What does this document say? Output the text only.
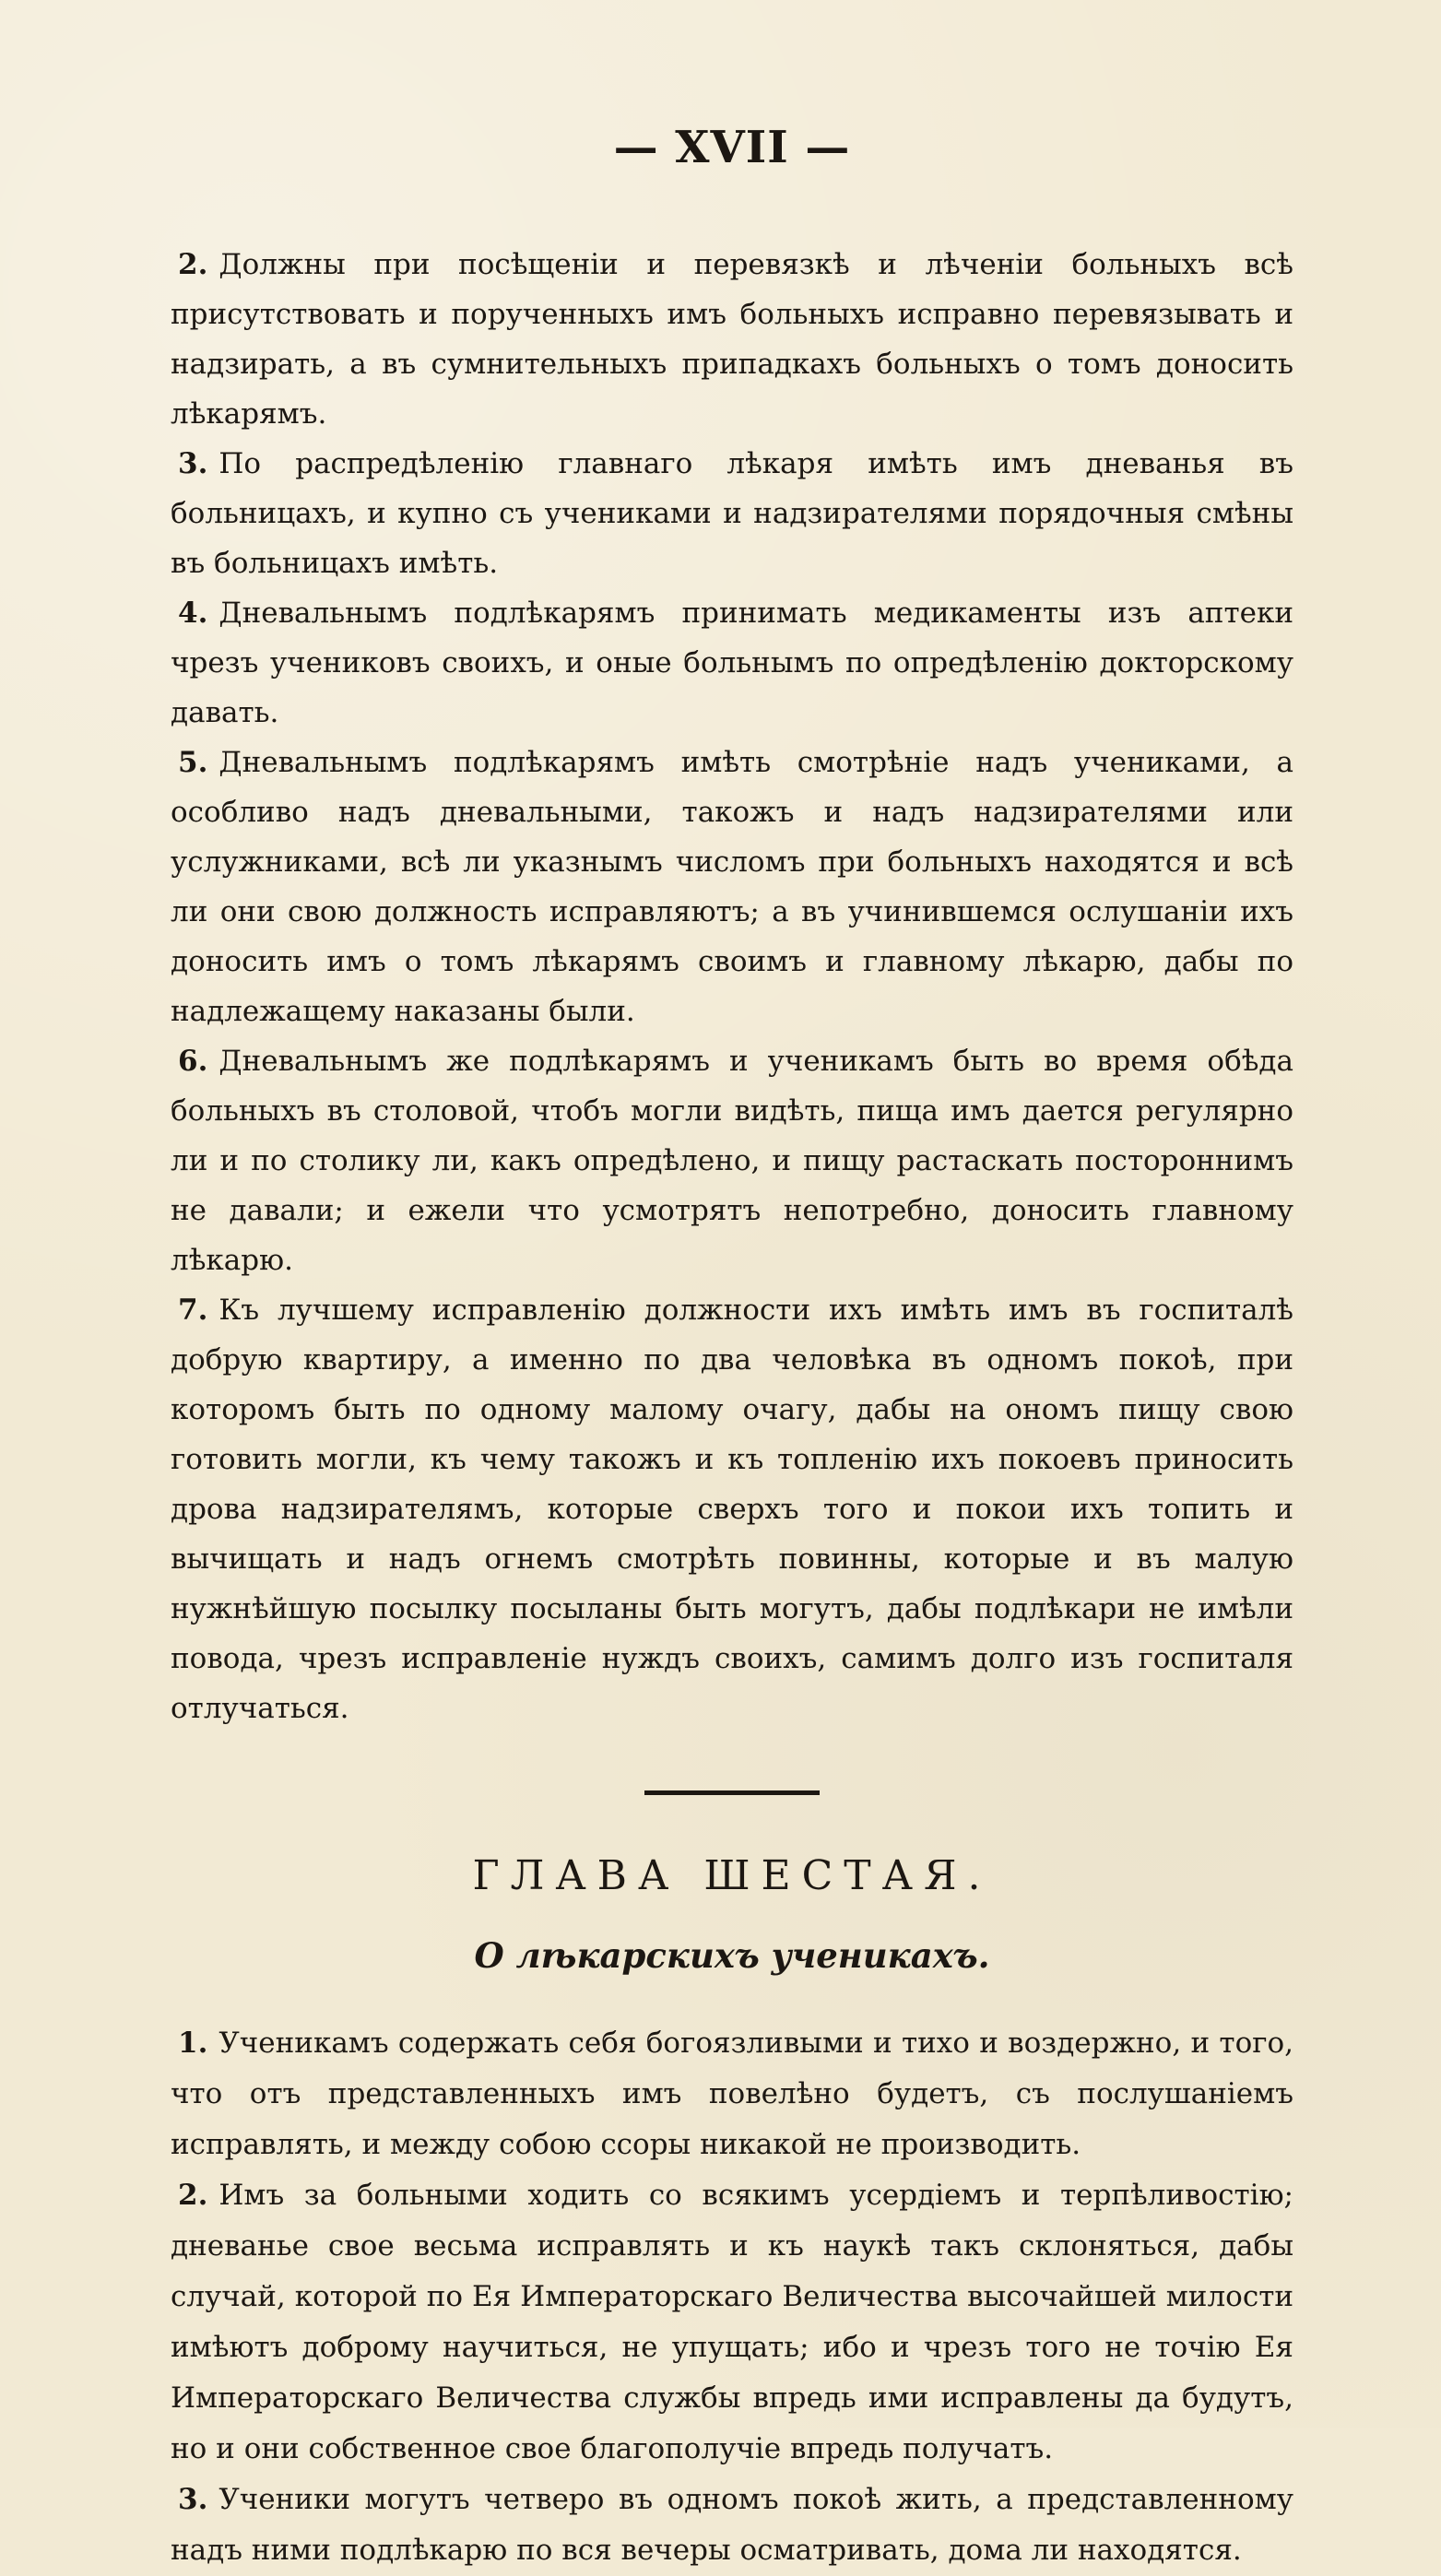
— XVII —

2. Должны при посѣщеніи и перевязкѣ и лѣченіи больныхъ всѣ присутствовать и порученныхъ имъ больныхъ исправно перевязывать и надзирать, а въ сумнительныхъ припадкахъ больныхъ о томъ доносить лѣкарямъ.

3. По распредѣленію главнаго лѣкаря имѣть имъ дневанья въ больницахъ, и купно съ учениками и надзирателями порядочныя смѣны въ больницахъ имѣть.

4. Дневальнымъ подлѣкарямъ принимать медикаменты изъ аптеки чрезъ учениковъ своихъ, и оные больнымъ по опредѣленію докторскому давать.

5. Дневальнымъ подлѣкарямъ имѣть смотрѣніе надъ учениками, а особливо надъ дневальными, такожъ и надъ надзирателями или услужниками, всѣ ли указнымъ числомъ при больныхъ находятся и всѣ ли они свою должность исправляютъ; а въ учинившемся ослушаніи ихъ доносить имъ о томъ лѣкарямъ своимъ и главному лѣкарю, дабы по надлежащему наказаны были.

6. Дневальнымъ же подлѣкарямъ и ученикамъ быть во время обѣда больныхъ въ столовой, чтобъ могли видѣть, пища имъ дается регулярно ли и по столику ли, какъ опредѣлено, и пищу растаскать постороннимъ не давали; и ежели что усмотрятъ непотребно, доносить главному лѣкарю.

7. Къ лучшему исправленію должности ихъ имѣть имъ въ госпиталѣ добрую квартиру, а именно по два человѣка въ одномъ покоѣ, при которомъ быть по одному малому очагу, дабы на ономъ пищу свою готовить могли, къ чему такожъ и къ топленію ихъ покоевъ приносить дрова надзирателямъ, которые сверхъ того и покои ихъ топить и вычищать и надъ огнемъ смотрѣть повинны, которые и въ малую нужнѣйшую посылку посыланы быть могутъ, дабы подлѣкари не имѣли повода, чрезъ исправленіе нуждъ своихъ, самимъ долго изъ госпиталя отлучаться.

ГЛАВА ШЕСТАЯ.
О лѣкарскихъ ученикахъ.

1. Ученикамъ содержать себя богоязливыми и тихо и воздержно, и того, что отъ представленныхъ имъ повелѣно будетъ, съ послушаніемъ исправлять, и между собою ссоры никакой не производить.

2. Имъ за больными ходить со всякимъ усердіемъ и терпѣливостію; дневанье свое весьма исправлять и къ наукѣ такъ склоняться, дабы случай, которой по Ея Императорскаго Величества высочайшей милости имѣютъ доброму научиться, не упущать; ибо и чрезъ того не точію Ея Императорскаго Величества службы впредь ими исправлены да будутъ, но и они собственное свое благополучіе впредь получатъ.

3. Ученики могутъ четверо въ одномъ покоѣ жить, а представленному надъ ними подлѣкарю по вся вечеры осматривать, дома ли находятся.
